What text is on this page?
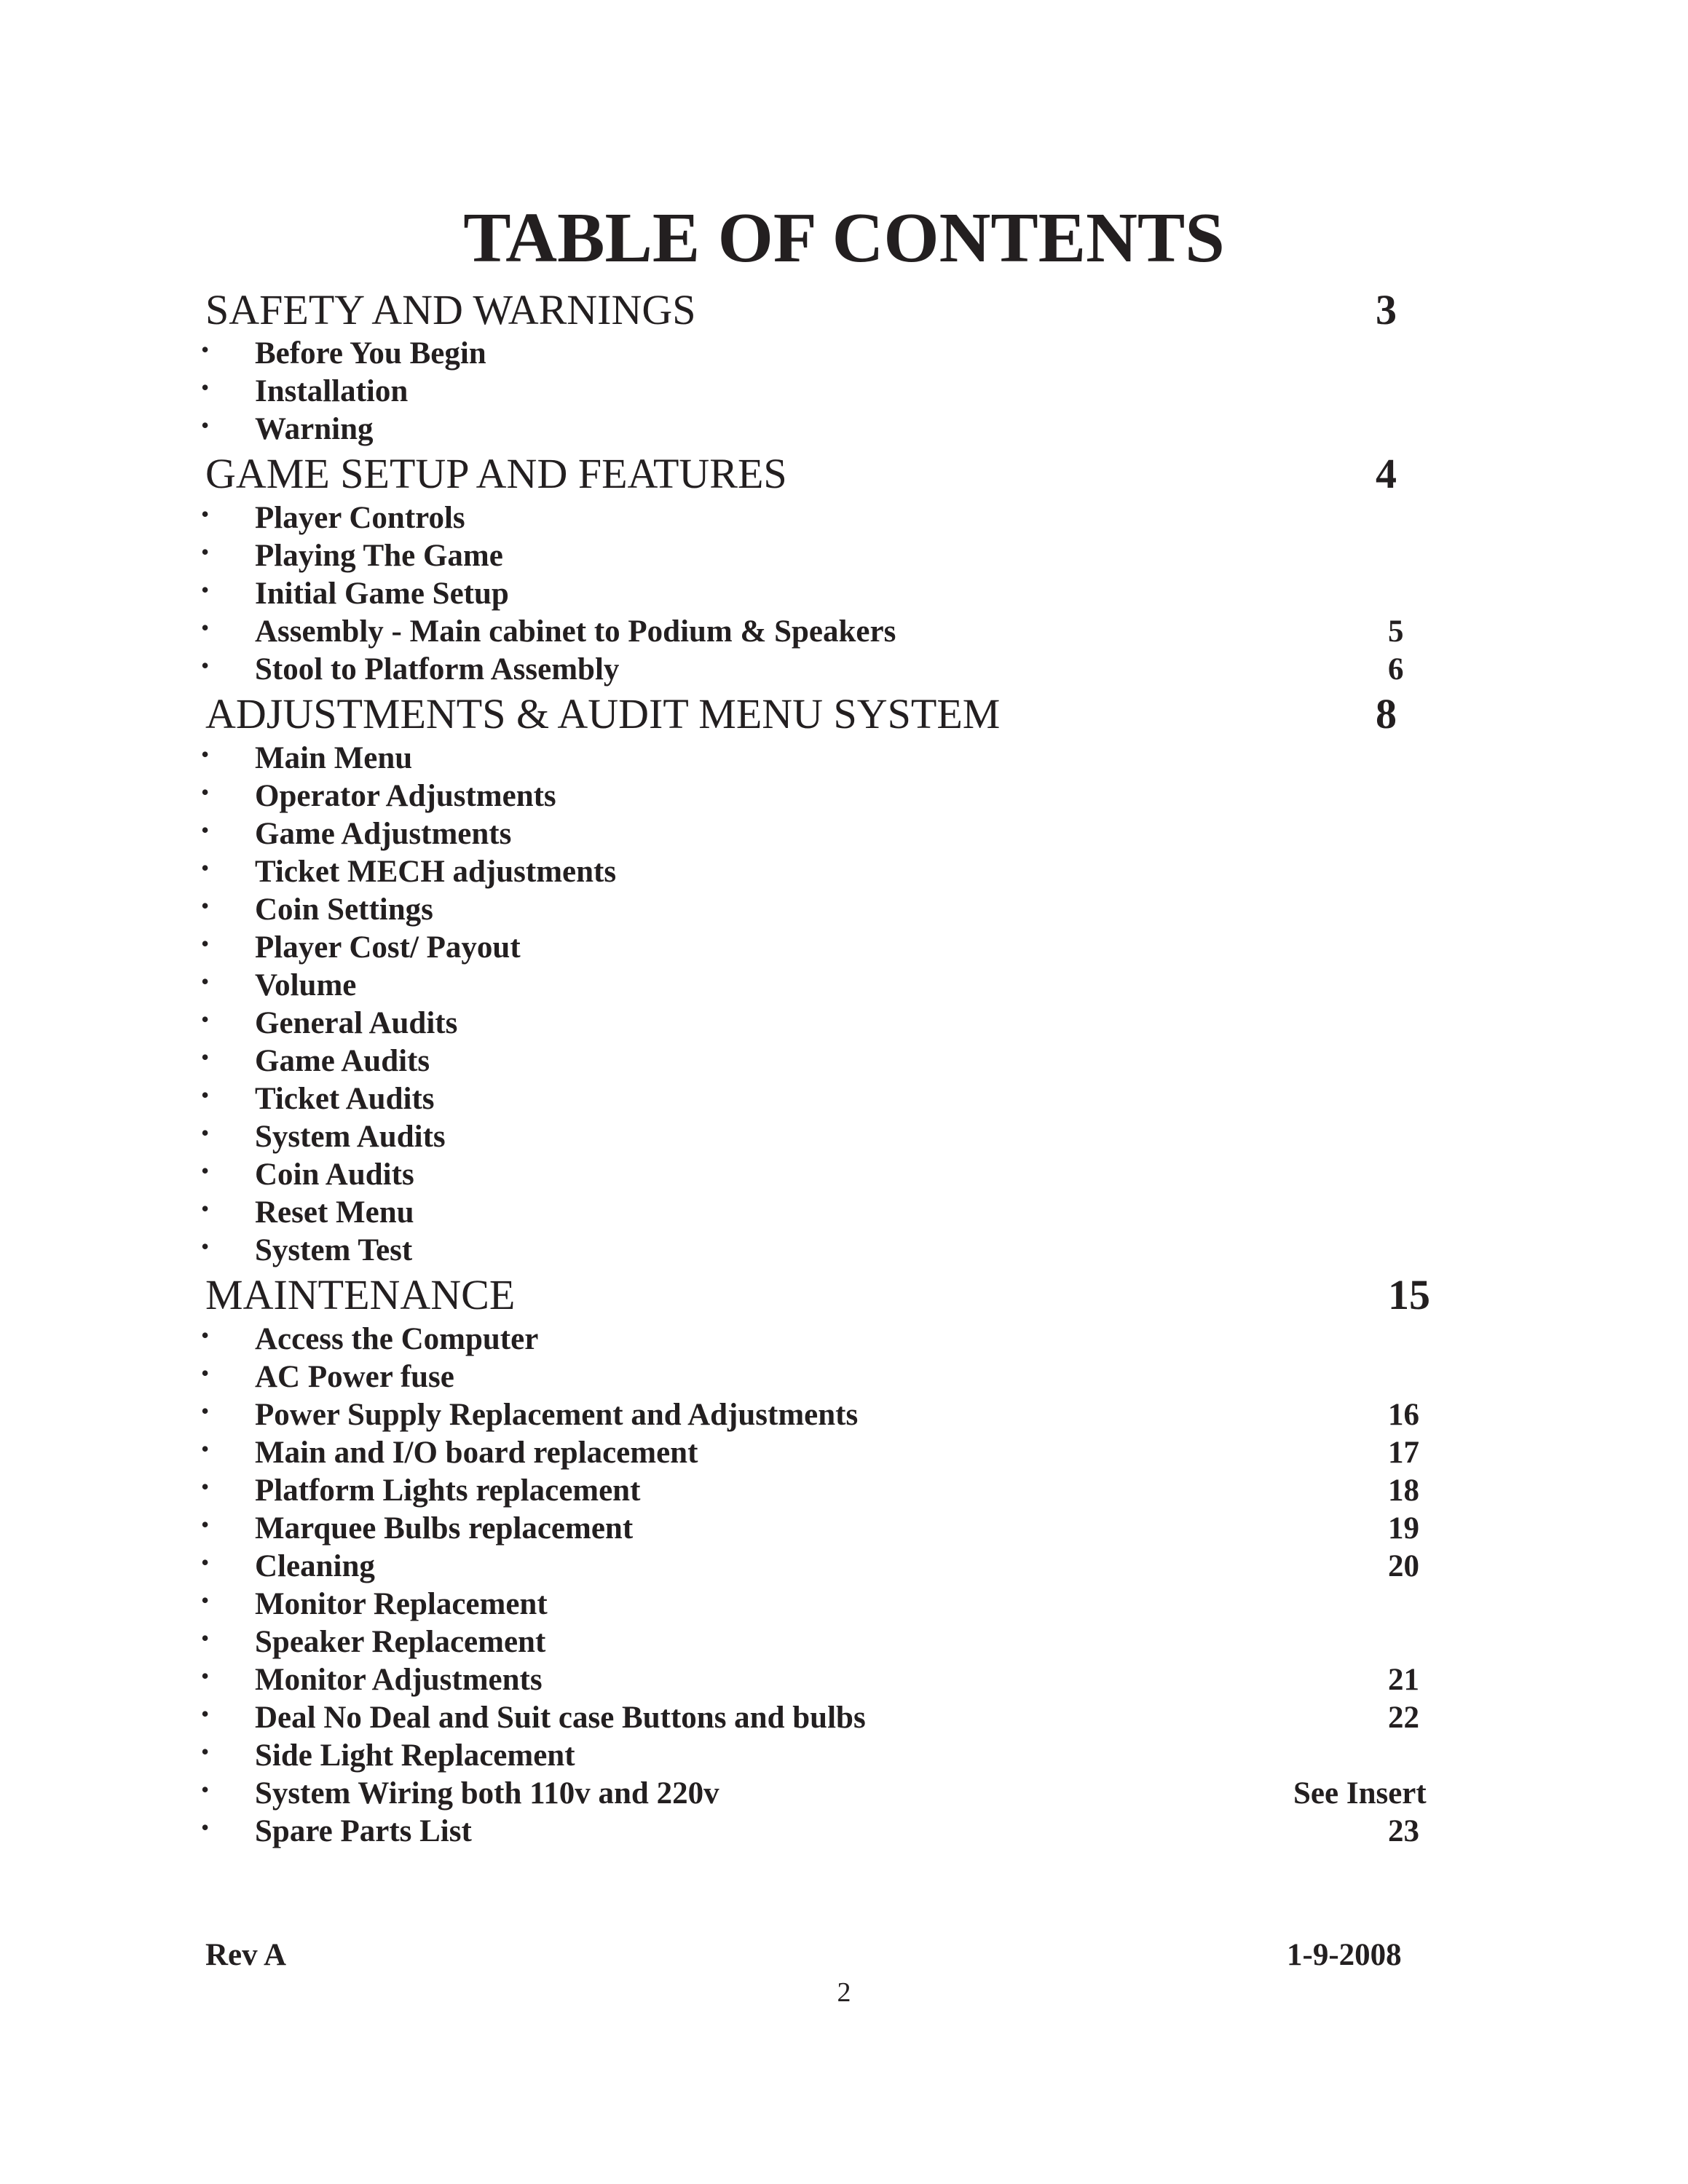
TABLE OF CONTENTS
SAFETY AND WARNINGS	3
• Before You Begin
• Installation
• Warning
GAME SETUP AND FEATURES	4
• Player Controls
• Playing The Game
• Initial Game Setup
• Assembly - Main cabinet to Podium & Speakers	5
• Stool to Platform Assembly	6
ADJUSTMENTS & AUDIT MENU SYSTEM	8
• Main Menu
• Operator Adjustments
• Game Adjustments
• Ticket MECH adjustments
• Coin Settings
• Player Cost/ Payout
• Volume
• General Audits
• Game Audits
• Ticket Audits
• System Audits
• Coin Audits
• Reset Menu
• System Test
MAINTENANCE	15
• Access the Computer
• AC Power fuse
• Power Supply Replacement and Adjustments	16
• Main and I/O board replacement	17
• Platform Lights replacement	18
• Marquee Bulbs replacement	19
• Cleaning	20
• Monitor Replacement
• Speaker Replacement
• Monitor Adjustments	21
• Deal No Deal and Suit case Buttons and bulbs	22
• Side Light Replacement
• System Wiring both 110v and 220v	See Insert
• Spare Parts List	23
Rev A	1-9-2008
2
